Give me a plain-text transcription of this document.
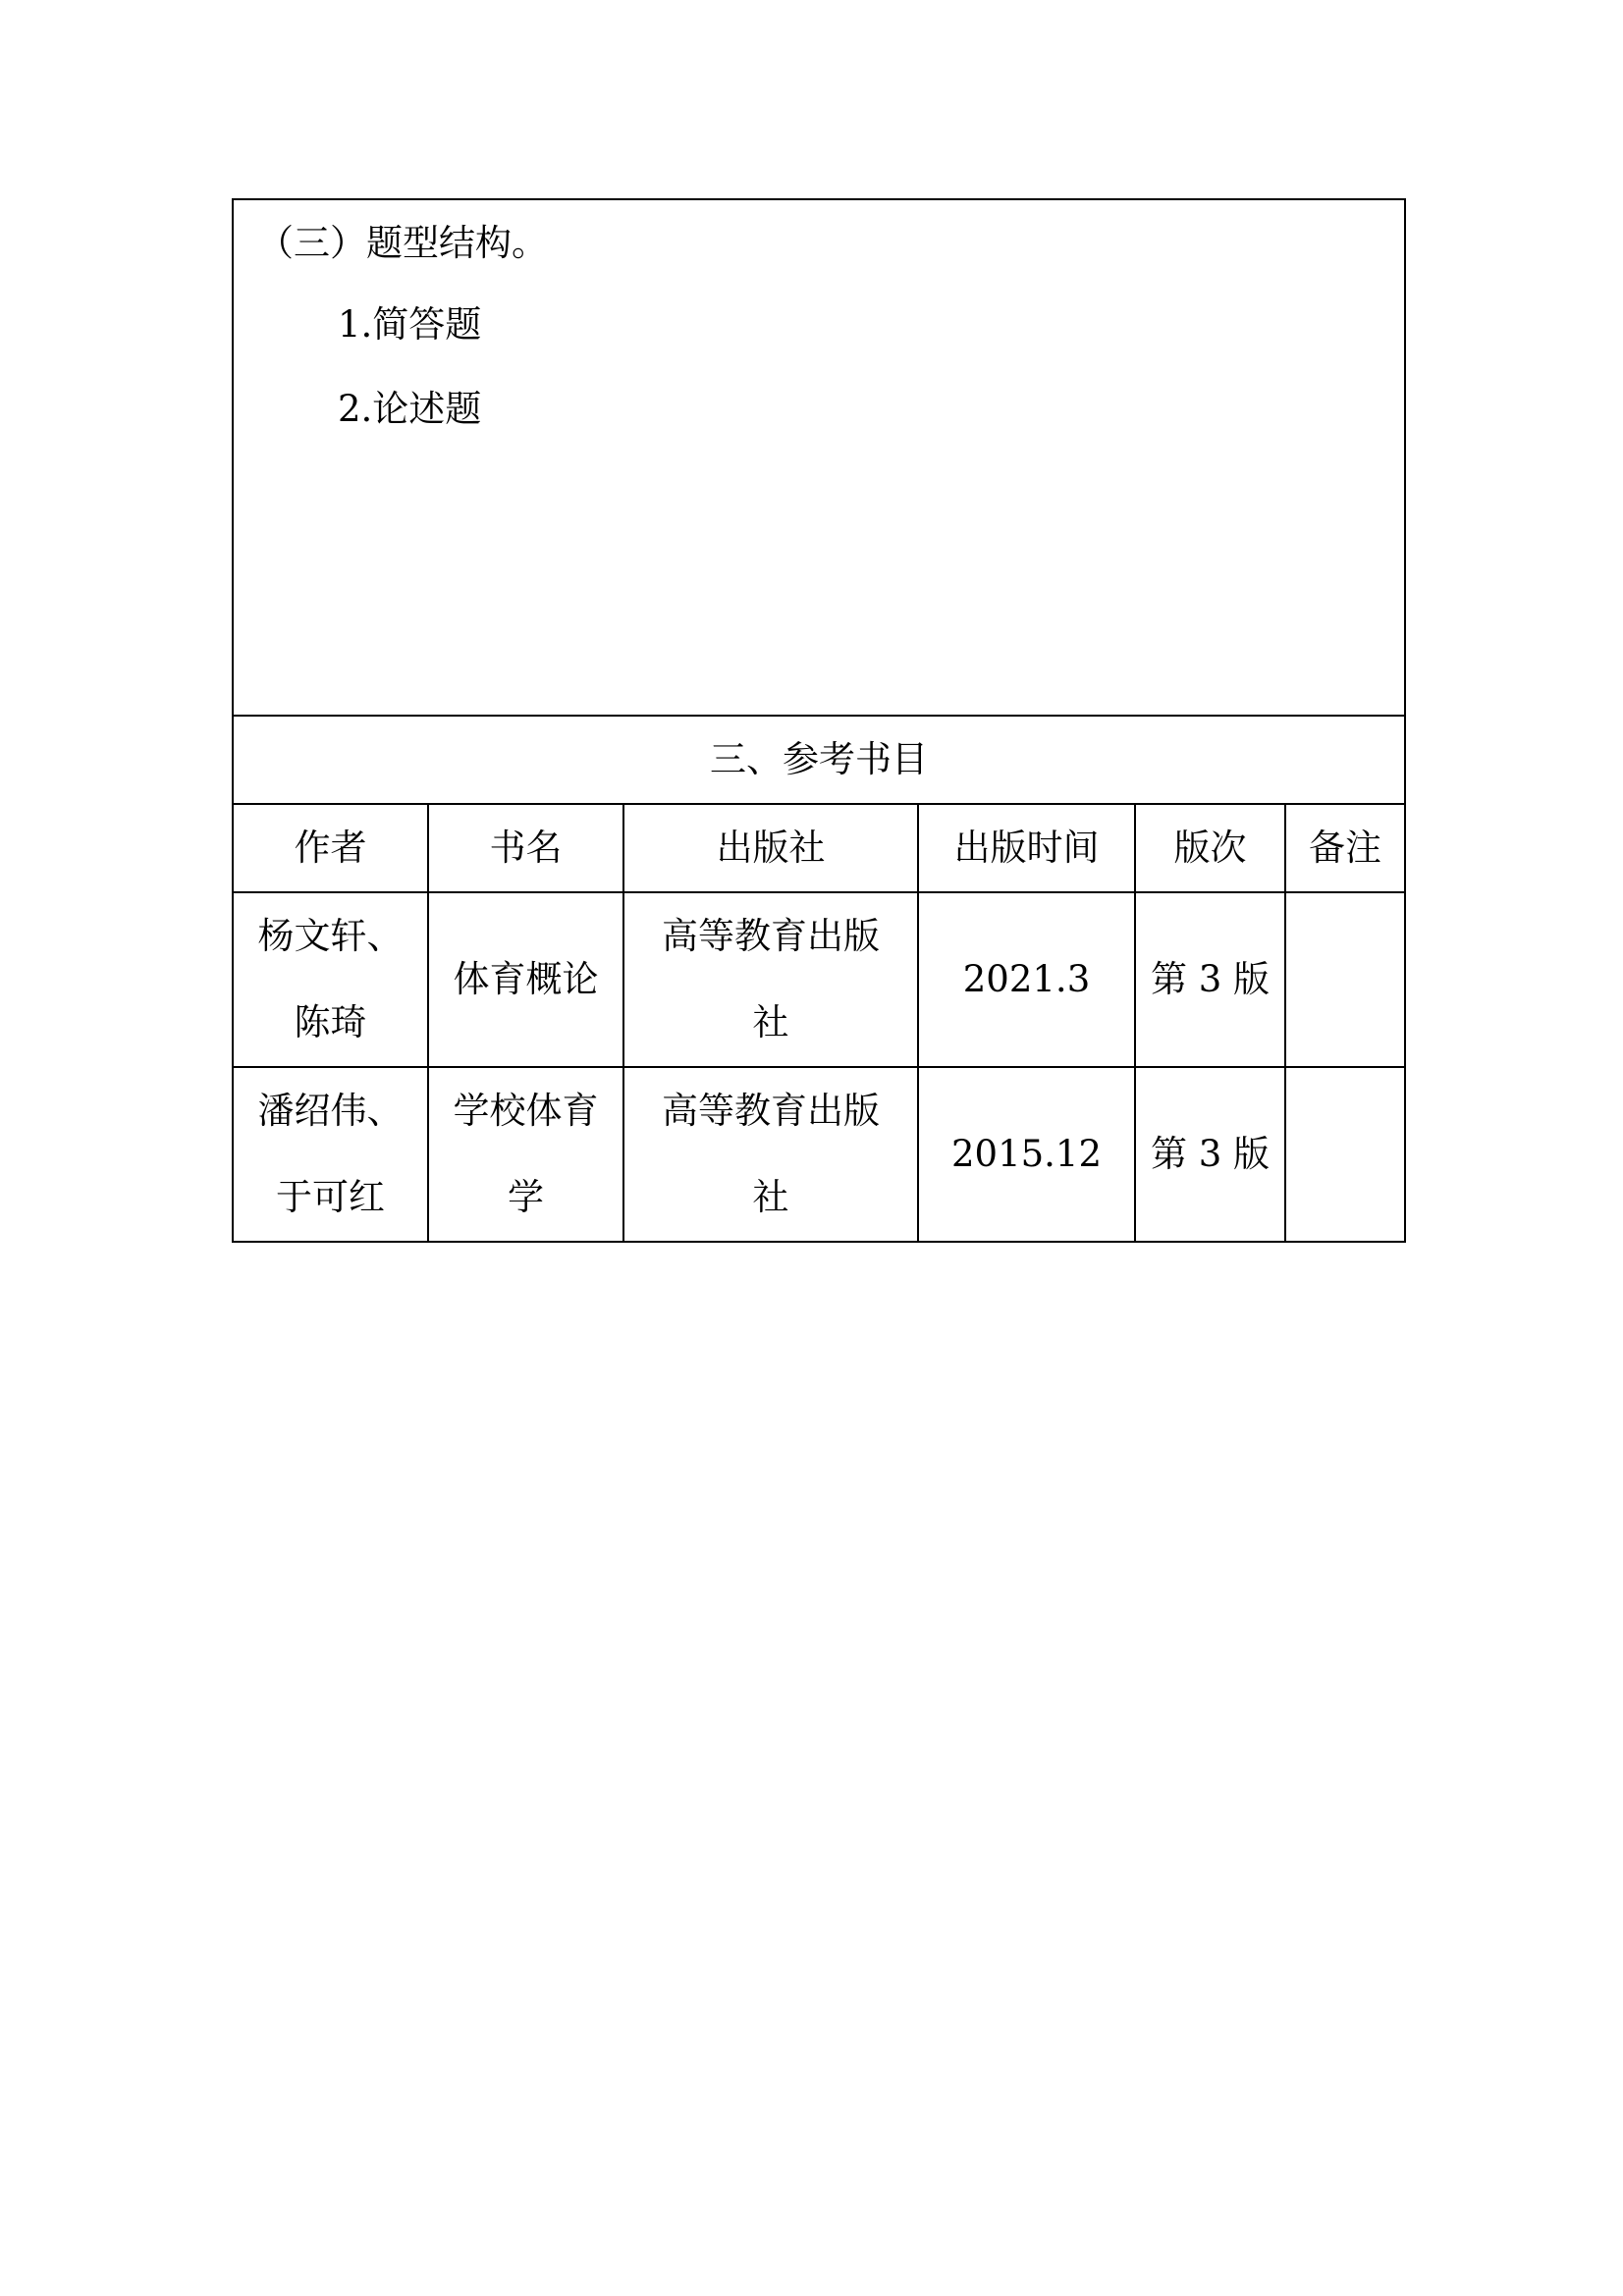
（三）题型结构。
1.简答题
2.论述题					

三、参考书目					
作者	书名	出版社	出版时间	版次	备注
杨文轩、陈琦	体育概论	高等教育出版社	2021.3	第 3 版	
潘绍伟、于可红	学校体育学	高等教育出版社	2015.12	第 3 版	
